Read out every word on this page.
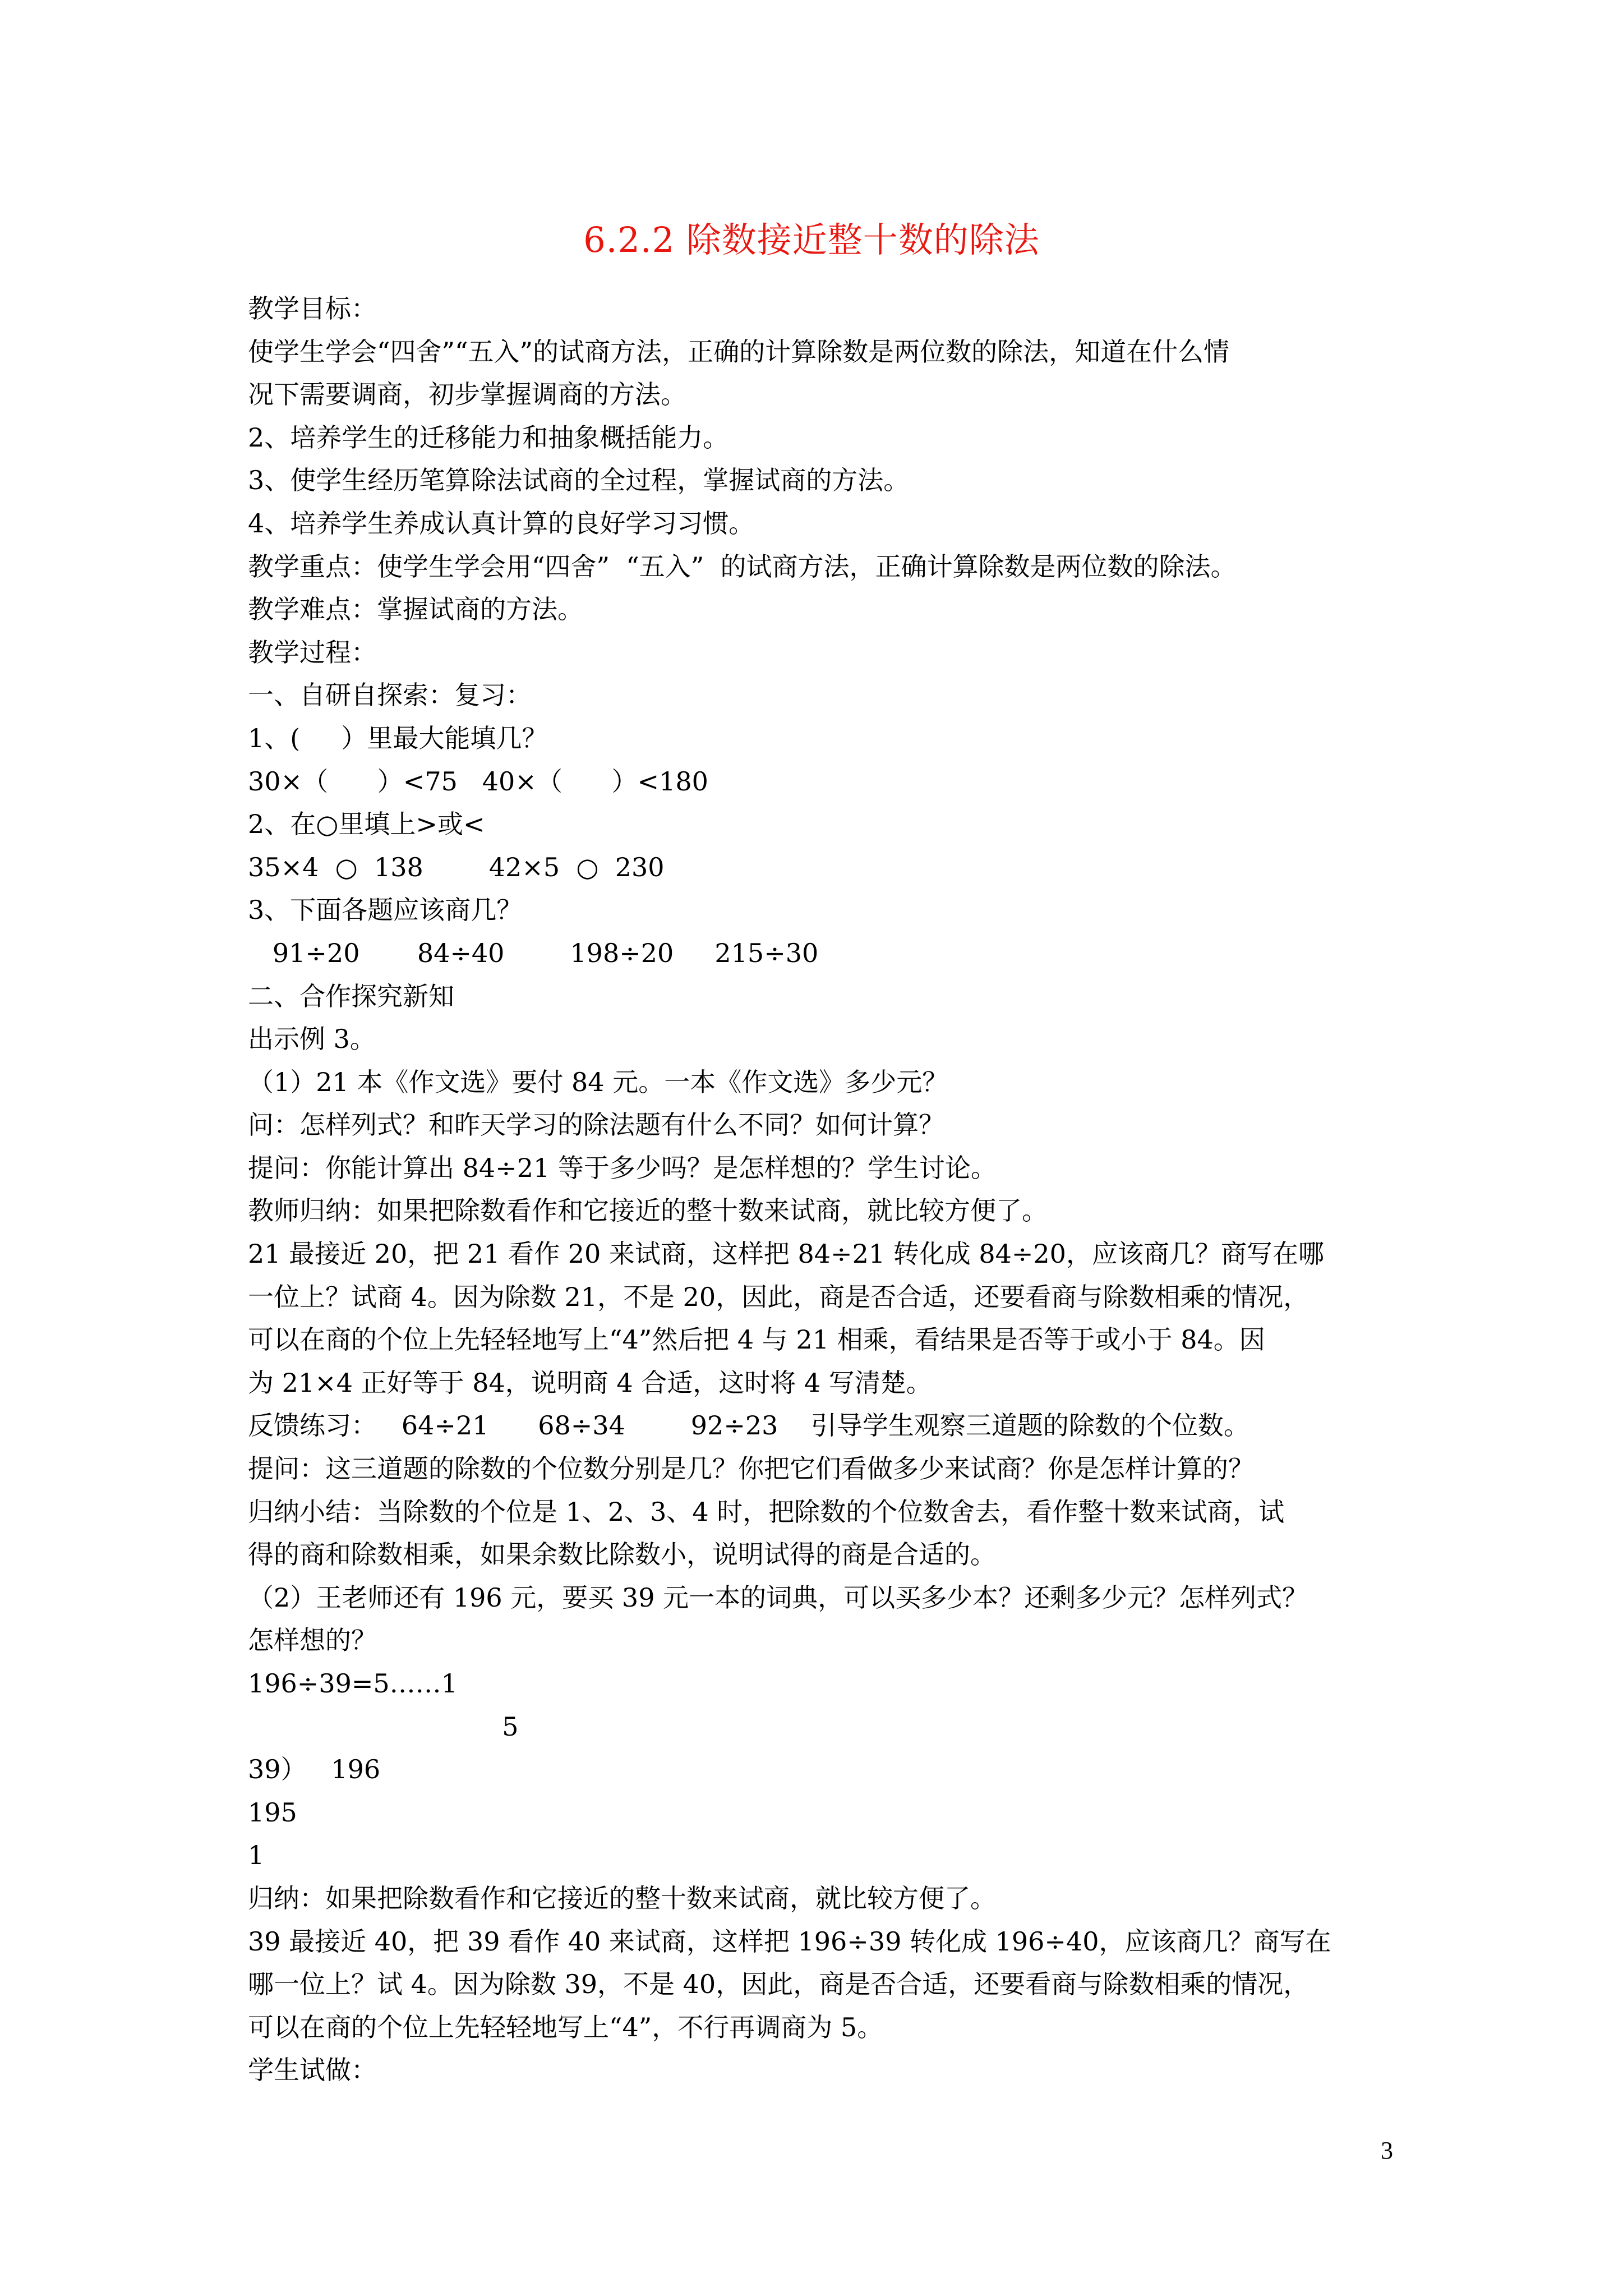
6.2.2 除数接近整十数的除法
教学目标：
使学生学会“四舍”“五入”的试商方法，正确的计算除数是两位数的除法，知道在什么情
况下需要调商，初步掌握调商的方法。
2、培养学生的迁移能力和抽象概括能力。
3、使学生经历笔算除法试商的全过程，掌握试商的方法。
4、培养学生养成认真计算的良好学习习惯。
教学重点：使学生学会用“四舍”  “五入”  的试商方法，正确计算除数是两位数的除法。
教学难点：掌握试商的方法。
教学过程：
一、自研自探索：复习：
1、(     ）里最大能填几？
30×（      ）<75   40×（      ）<180
2、在○里填上>或<
35×4  ○  138        42×5  ○  230
3、下面各题应该商几？
91÷20       84÷40        198÷20     215÷30
二、合作探究新知
出示例 3。
（1）21 本《作文选》要付 84 元。一本《作文选》多少元？
问：怎样列式？和昨天学习的除法题有什么不同？如何计算？
提问：你能计算出 84÷21 等于多少吗？是怎样想的？学生讨论。
教师归纳：如果把除数看作和它接近的整十数来试商，就比较方便了。
21 最接近 20，把 21 看作 20 来试商，这样把 84÷21 转化成 84÷20，应该商几？商写在哪
一位上？试商 4。因为除数 21，不是 20，因此，商是否合适，还要看商与除数相乘的情况，
可以在商的个位上先轻轻地写上“4”然后把 4 与 21 相乘，看结果是否等于或小于 84。因
为 21×4 正好等于 84，说明商 4 合适，这时将 4 写清楚。
反馈练习：   64÷21      68÷34        92÷23    引导学生观察三道题的除数的个位数。
提问：这三道题的除数的个位数分别是几？你把它们看做多少来试商？你是怎样计算的？
归纳小结：当除数的个位是 1、2、3、4 时，把除数的个位数舍去，看作整十数来试商，试
得的商和除数相乘，如果余数比除数小，说明试得的商是合适的。
（2）王老师还有 196 元，要买 39 元一本的词典，可以买多少本？还剩多少元？怎样列式？
怎样想的？
196÷39=5……1
5
39）   196
195
1
归纳：如果把除数看作和它接近的整十数来试商，就比较方便了。
39 最接近 40，把 39 看作 40 来试商，这样把 196÷39 转化成 196÷40，应该商几？商写在
哪一位上？试 4。因为除数 39，不是 40，因此，商是否合适，还要看商与除数相乘的情况，
可以在商的个位上先轻轻地写上“4”，不行再调商为 5。
学生试做：
3
